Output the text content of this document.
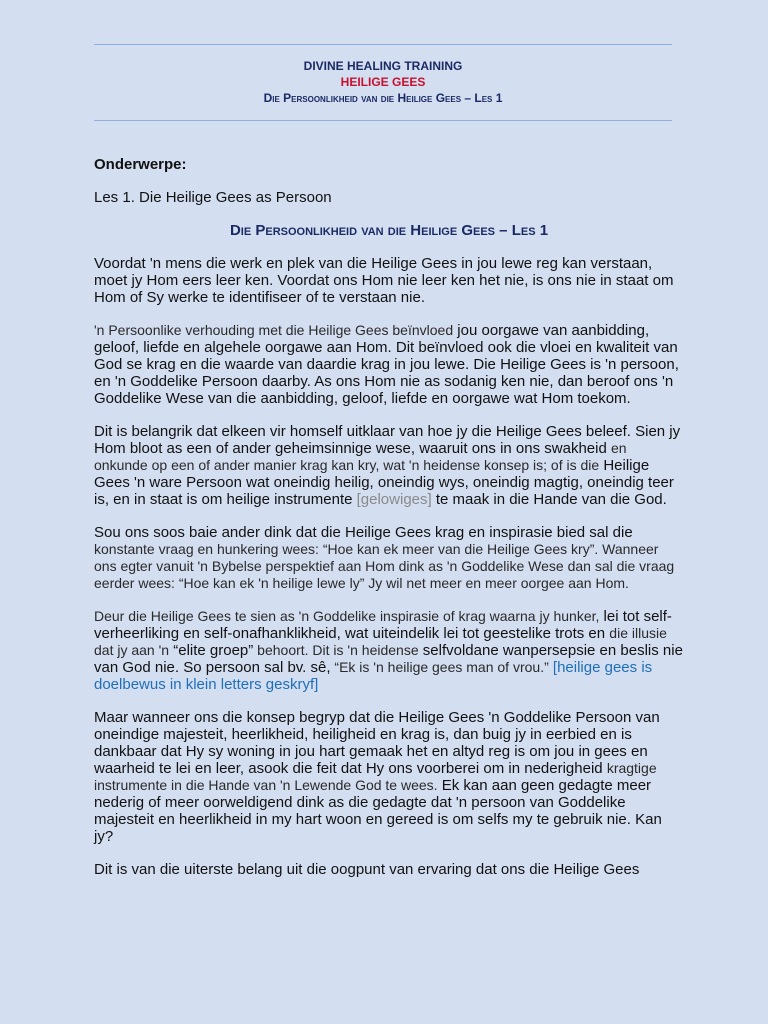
DIVINE HEALING TRAINING
HEILIGE GEES
Die Persoonlikheid van die Heilige Gees – Les 1

Onderwerpe:

Les 1. Die Heilige Gees as Persoon

Die Persoonlikheid van die Heilige Gees – Les 1

Voordat 'n mens die werk en plek van die Heilige Gees in jou lewe reg kan verstaan, moet jy Hom eers leer ken. Voordat ons Hom nie leer ken het nie, is ons nie in staat om Hom of Sy werke te identifiseer of te verstaan nie.

'n Persoonlike verhouding met die Heilige Gees beïnvloed jou oorgawe van aanbidding, geloof, liefde en algehele oorgawe aan Hom. Dit beïnvloed ook die vloei en kwaliteit van God se krag en die waarde van daardie krag in jou lewe. Die Heilige Gees is 'n persoon, en 'n Goddelike Persoon daarby. As ons Hom nie as sodanig ken nie, dan beroof ons 'n Goddelike Wese van die aanbidding, geloof, liefde en oorgawe wat Hom toekom.

Dit is belangrik dat elkeen vir homself uitklaar van hoe jy die Heilige Gees beleef. Sien jy Hom bloot as een of ander geheimsinnige wese, waaruit ons in ons swakheid en onkunde op een of ander manier krag kan kry, wat 'n heidense konsep is; of is die Heilige Gees 'n ware Persoon wat oneindig heilig, oneindig wys, oneindig magtig, oneindig teer is, en in staat is om heilige instrumente [gelowiges] te maak in die Hande van die God.

Sou ons soos baie ander dink dat die Heilige Gees krag en inspirasie bied sal die konstante vraag en hunkering wees: “Hoe kan ek meer van die Heilige Gees kry”. Wanneer ons egter vanuit 'n Bybelse perspektief aan Hom dink as 'n Goddelike Wese dan sal die vraag eerder wees: “Hoe kan ek 'n heilige lewe ly” Jy wil net meer en meer oorgee aan Hom.

Deur die Heilige Gees te sien as 'n Goddelike inspirasie of krag waarna jy hunker, lei tot self-verheerliking en self-onafhanklikheid, wat uiteindelik lei tot geestelike trots en die illusie dat jy aan 'n “elite groep” behoort. Dit is 'n heidense selfvoldane wanpersepsie en beslis nie van God nie. So persoon sal bv. sê, “Ek is 'n heilige gees man of vrou.” [heilige gees is doelbewus in klein letters geskryf]

Maar wanneer ons die konsep begryp dat die Heilige Gees 'n Goddelike Persoon van oneindige majesteit, heerlikheid, heiligheid en krag is, dan buig jy in eerbied en is dankbaar dat Hy sy woning in jou hart gemaak het en altyd reg is om jou in gees en waarheid te lei en leer, asook die feit dat Hy ons voorberei om in nederigheid kragtige instrumente in die Hande van 'n Lewende God te wees. Ek kan aan geen gedagte meer nederig of meer oorweldigend dink as die gedagte dat 'n persoon van Goddelike majesteit en heerlikheid in my hart woon en gereed is om selfs my te gebruik nie. Kan jy?

Dit is van die uiterste belang uit die oogpunt van ervaring dat ons die Heilige Gees
